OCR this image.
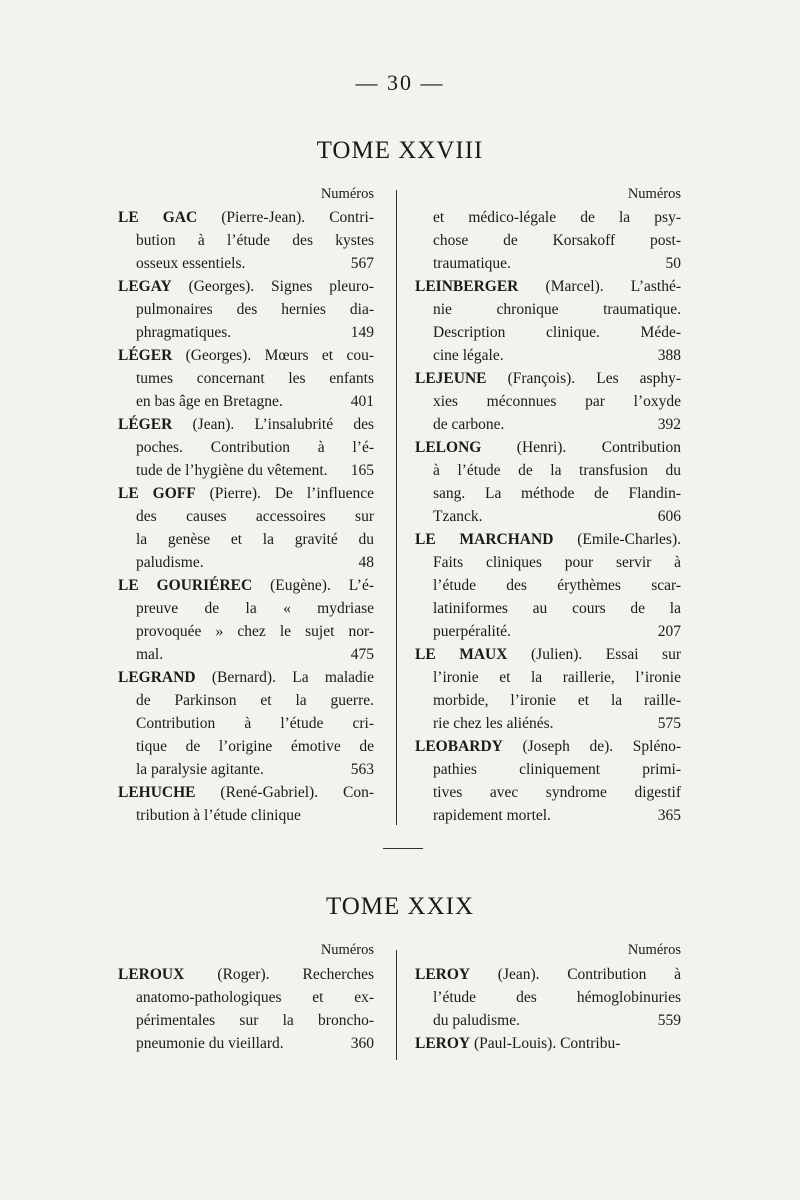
— 30 —
TOME XXVIII
Numéros	Numéros
LE GAC (Pierre-Jean). Contri-
bution à l’étude des kystes
osseux essentiels.	567
LEGAY (Georges). Signes pleuro-
pulmonaires des hernies dia-
phragmatiques.	149
LÉGER (Georges). Mœurs et cou-
tumes concernant les enfants
en bas âge en Bretagne.	401
LÉGER (Jean). L’insalubrité des
poches. Contribution à l’é-
tude de l’hygiène du vêtement.	165
LE GOFF (Pierre). De l’influence
des causes accessoires sur
la genèse et la gravité du
paludisme.	48
LE GOURIÉREC (Eugène). L’é-
preuve de la « mydriase
provoquée » chez le sujet nor-
mal.	475
LEGRAND (Bernard). La maladie
de Parkinson et la guerre.
Contribution à l’étude cri-
tique de l’origine émotive de
la paralysie agitante.	563
LEHUCHE (René-Gabriel). Con-
tribution à l’étude clinique
et médico-légale de la psy-
chose de Korsakoff post-
traumatique.	50
LEINBERGER (Marcel). L’asthé-
nie chronique traumatique.
Description clinique. Méde-
cine légale.	388
LEJEUNE (François). Les asphy-
xies méconnues par l’oxyde
de carbone.	392
LELONG (Henri). Contribution
à l’étude de la transfusion du
sang. La méthode de Flandin-
Tzanck.	606
LE MARCHAND (Emile-Charles).
Faits cliniques pour servir à
l’étude des érythèmes scar-
latiniformes au cours de la
puerpéralité.	207
LE MAUX (Julien). Essai sur
l’ironie et la raillerie, l’ironie
morbide, l’ironie et la raille-
rie chez les aliénés.	575
LEOBARDY (Joseph de). Spléno-
pathies cliniquement primi-
tives avec syndrome digestif
rapidement mortel.	365
TOME XXIX
Numéros	Numéros
LEROUX (Roger). Recherches
anatomo-pathologiques et ex-
périmentales sur la broncho-
pneumonie du vieillard.	360
LEROY (Jean). Contribution à
l’étude des hémoglobinuries
du paludisme.	559
LEROY (Paul-Louis). Contribu-
